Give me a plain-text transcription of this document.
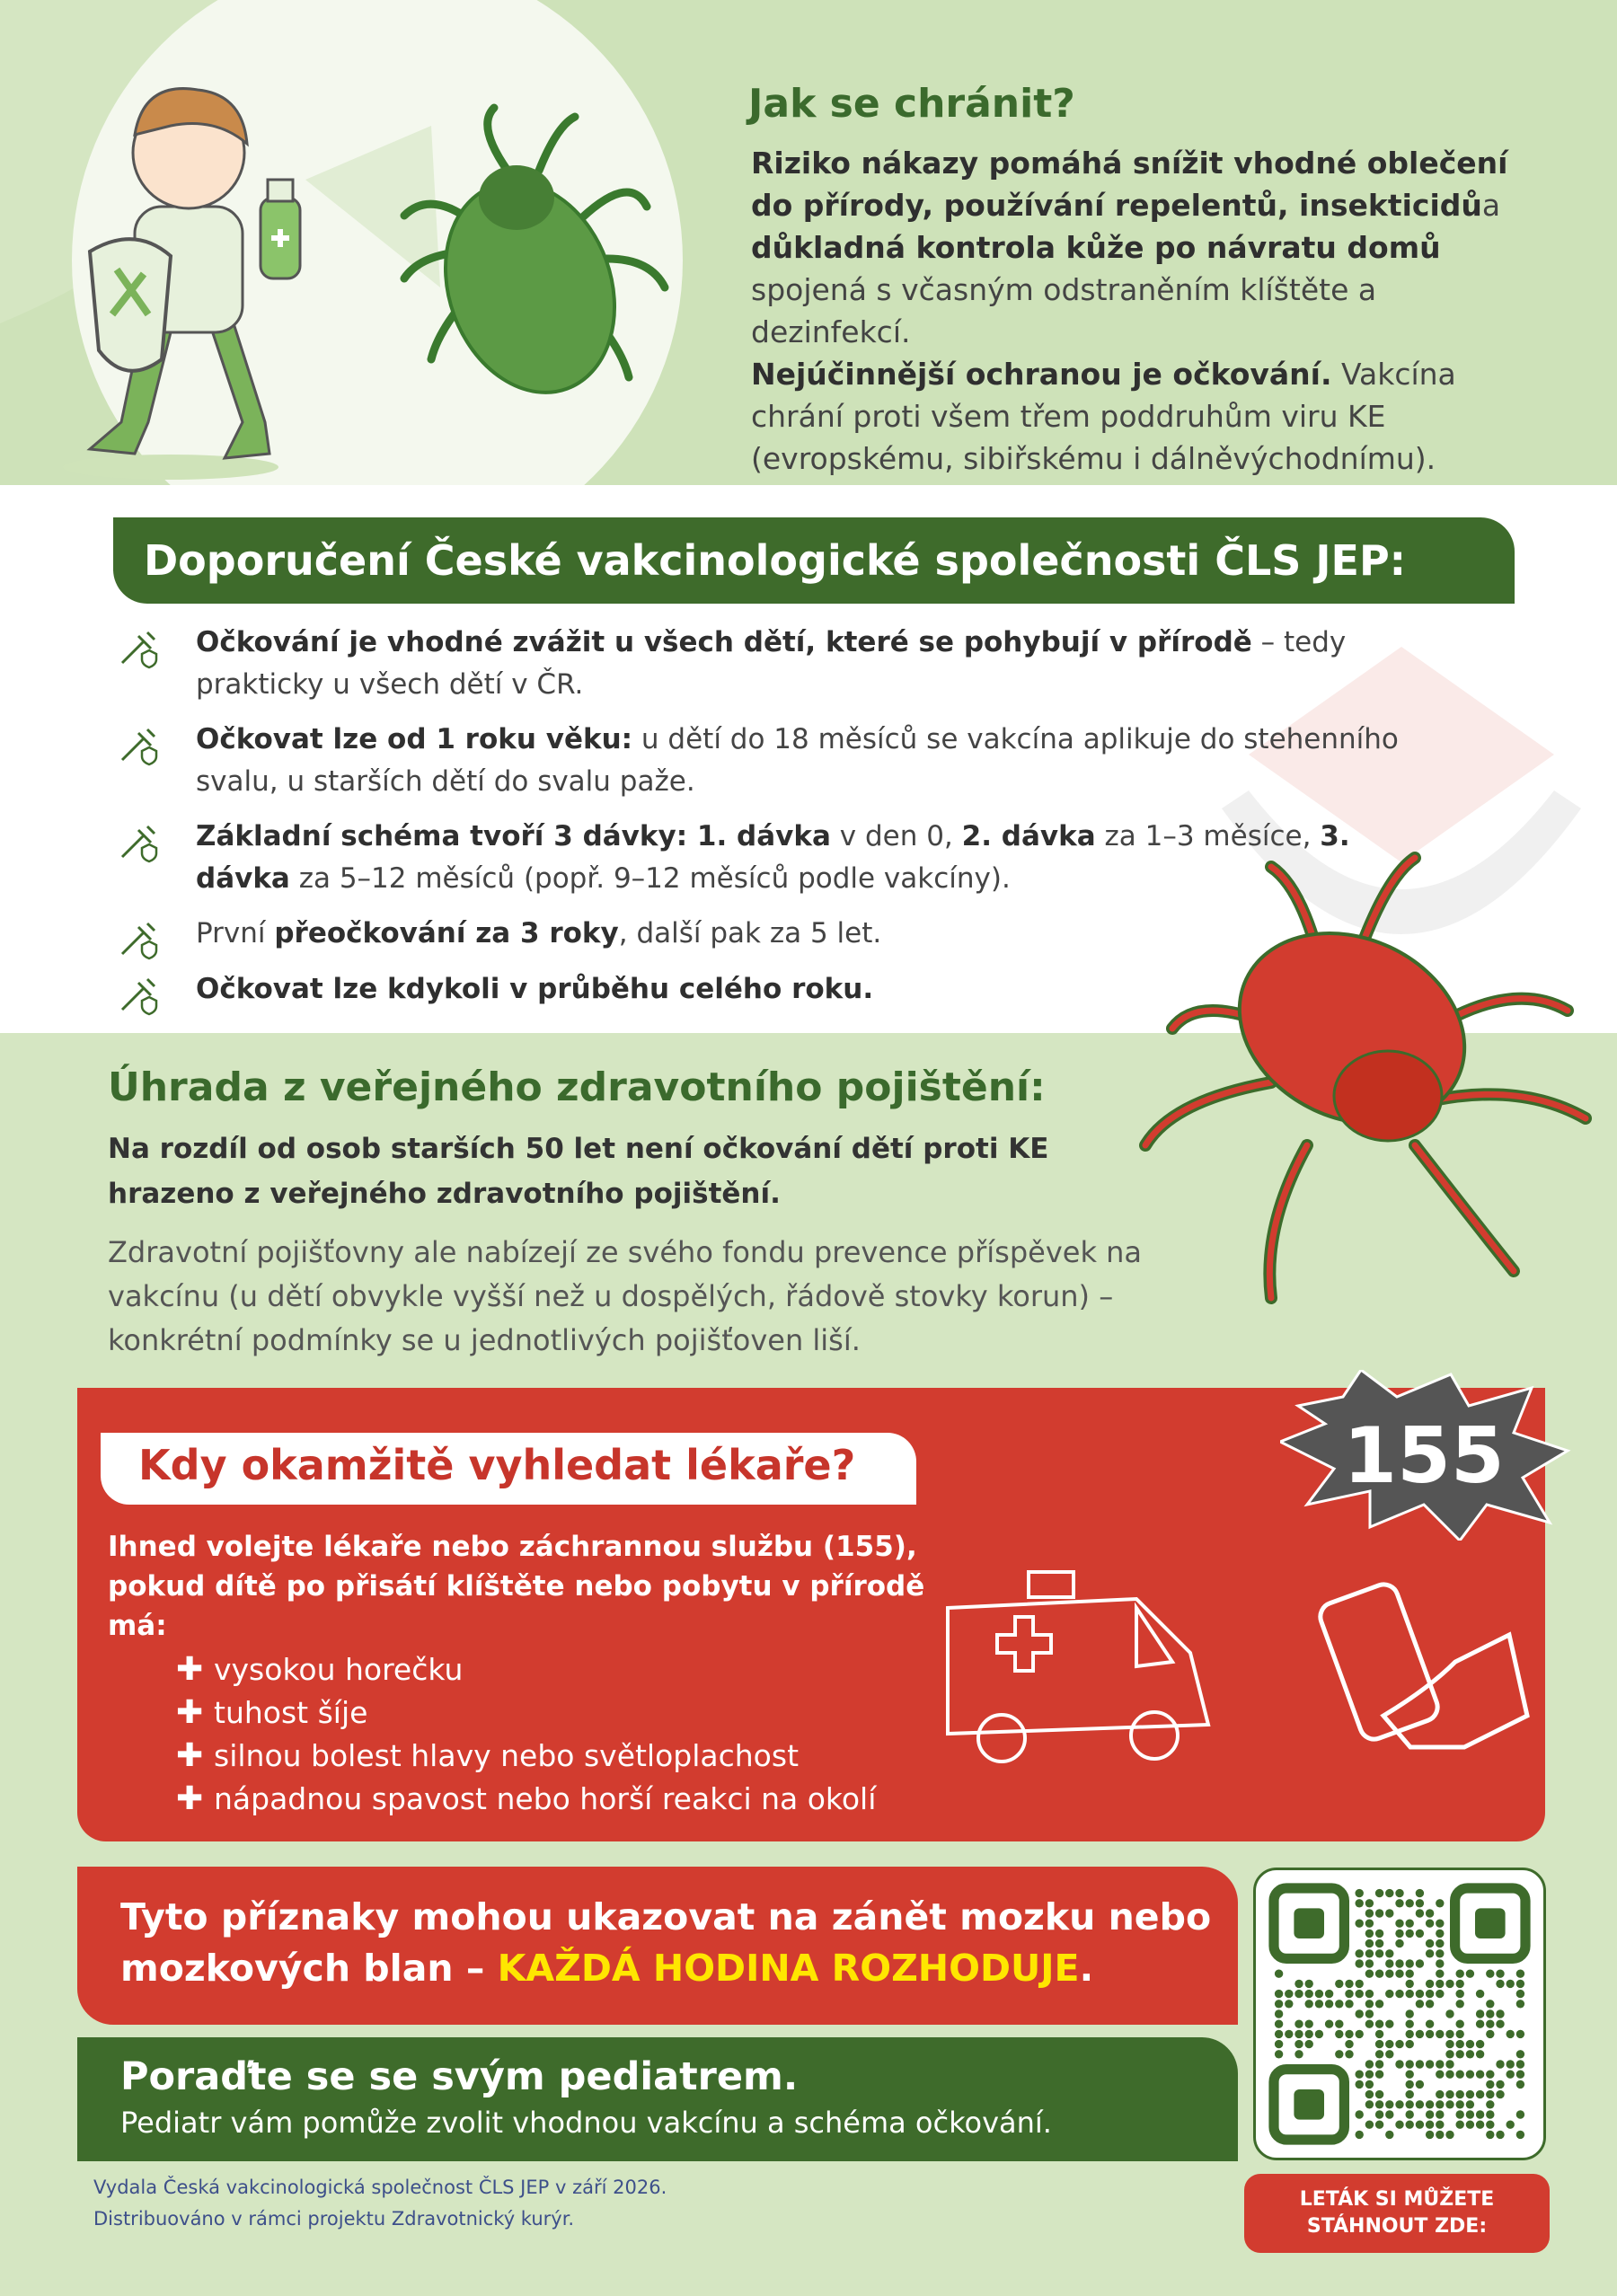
Jak se chránit?

Riziko nákazy pomáhá snížit vhodné oblečení do přírody, používání repelentů, insekticidůa důkladná kontrola kůže po návratu domů spojená s včasným odstraněním klíštěte a dezinfekcí.

Nejúčinnější ochranou je očkování. Vakcína chrání proti všem třem poddruhům viru KE (evropskému, sibiřskému i dálněvýchodnímu).

Doporučení České vakcinologické společnosti ČLS JEP:
Očkování je vhodné zvážit u všech dětí, které se pohybují v přírodě – tedy prakticky u všech dětí v ČR.
Očkovat lze od 1 roku věku: u dětí do 18 měsíců se vakcína aplikuje do stehenního svalu, u starších dětí do svalu paže.
Základní schéma tvoří 3 dávky: 1. dávka v den 0, 2. dávka za 1–3 měsíce, 3. dávka za 5–12 měsíců (popř. 9–12 měsíců podle vakcíny).
První přeočkování za 3 roky, další pak za 5 let.
Očkovat lze kdykoli v průběhu celého roku.
Úhrada z veřejného zdravotního pojištění:
Na rozdíl od osob starších 50 let není očkování dětí proti KE hrazeno z veřejného zdravotního pojištění.
Zdravotní pojišťovny ale nabízejí ze svého fondu prevence příspěvek na vakcínu (u dětí obvykle vyšší než u dospělých, řádově stovky korun) – konkrétní podmínky se u jednotlivých pojišťoven liší.
155
Kdy okamžitě vyhledat lékaře?
Ihned volejte lékaře nebo záchrannou službu (155), pokud dítě po přisátí klíštěte nebo pobytu v přírodě má:
✚ vysokou horečku
✚ tuhost šíje
✚ silnou bolest hlavy nebo světloplachost
✚ nápadnou spavost nebo horší reakci na okolí
Tyto příznaky mohou ukazovat na zánět mozku nebo mozkových blan – KAŽDÁ HODINA ROZHODUJE.
Poraďte se se svým pediatrem.
Pediatr vám pomůže zvolit vhodnou vakcínu a schéma očkování.
Vydala Česká vakcinologická společnost ČLS JEP v září 2026.
Distribuováno v rámci projektu Zdravotnický kurýr.
LETÁK SI MŮŽETE
STÁHNOUT ZDE:
